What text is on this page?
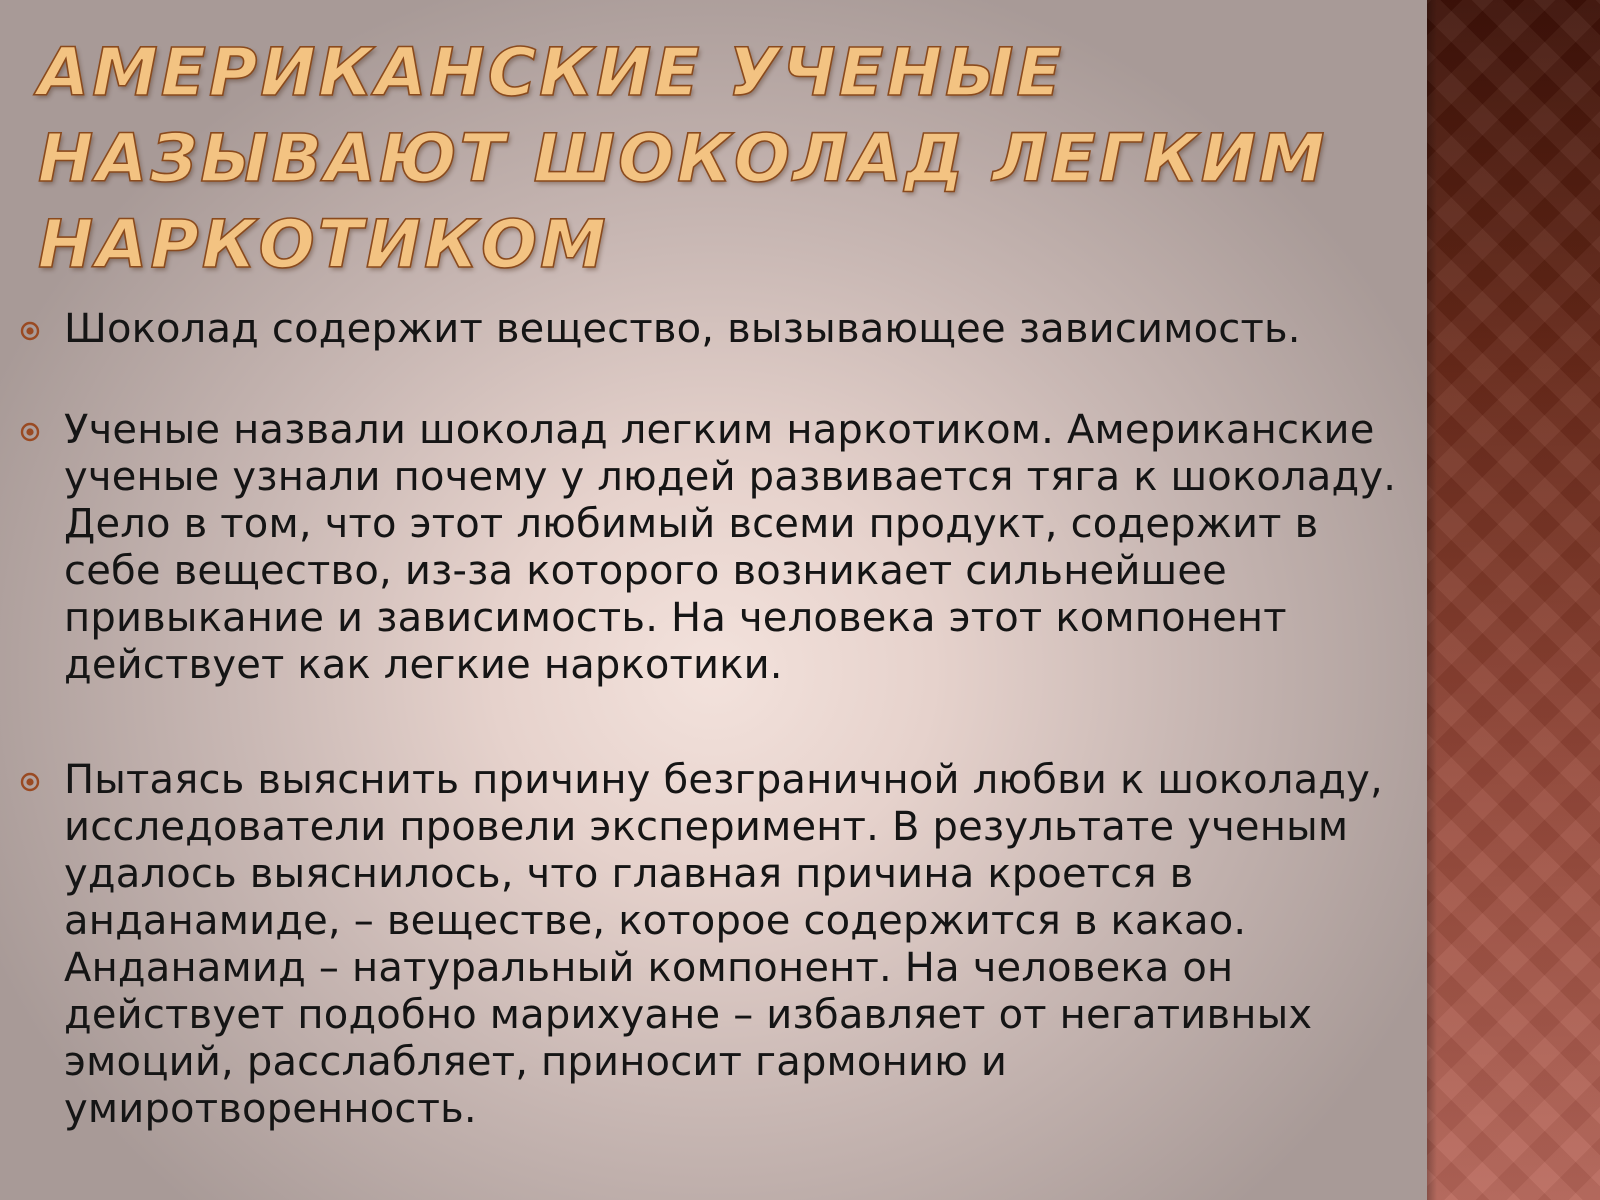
АМЕРИКАНСКИЕ УЧЕНЫЕ НАЗЫВАЮТ ШОКОЛАД ЛЕГКИМ НАРКОТИКОМ
Шоколад содержит вещество, вызывающее зависимость.
Ученые назвали шоколад легким наркотиком. Американские ученые узнали почему у людей развивается тяга к шоколаду. Дело в том, что этот любимый всеми продукт, содержит в себе вещество, из-за которого возникает сильнейшее привыкание и зависимость. На человека этот компонент действует как легкие наркотики.
Пытаясь выяснить причину безграничной любви к шоколаду, исследователи провели эксперимент. В результате ученым удалось выяснилось, что главная причина кроется в анданамиде, – веществе, которое содержится в какао. Анданамид – натуральный компонент. На человека он действует подобно марихуане – избавляет от негативных эмоций, расслабляет, приносит гармонию и умиротворенность.
